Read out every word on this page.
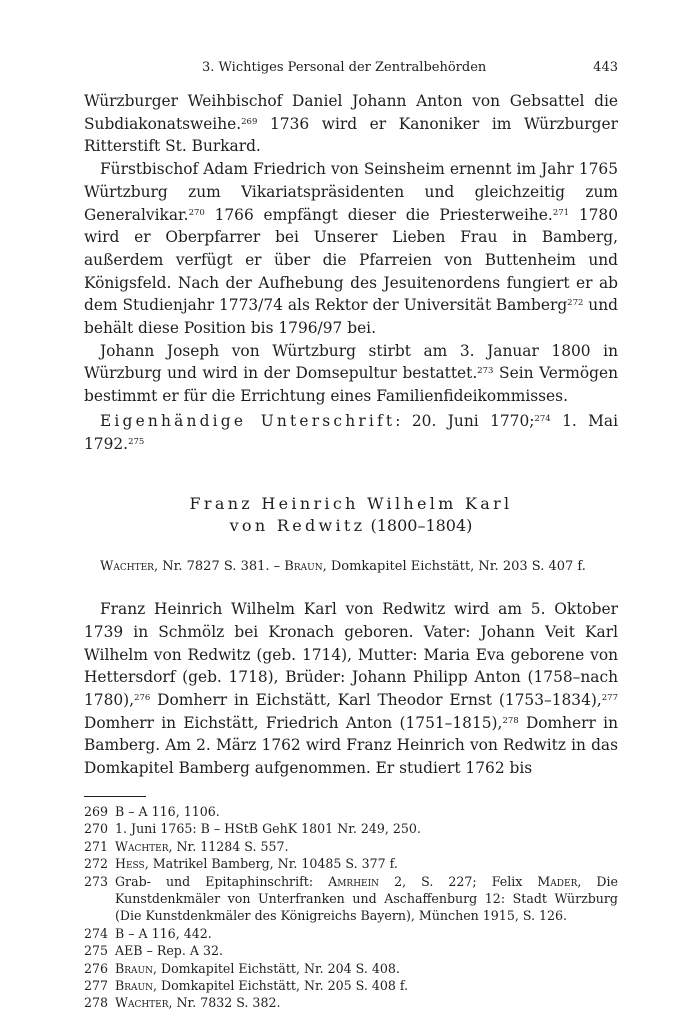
3. Wichtiges Personal der Zentralbehörden	443

Würzburger Weihbischof Daniel Johann Anton von Gebsattel die Subdiakonatsweihe.$^{269}$ 1736 wird er Kanoniker im Würzburger Ritterstift St. Burkard.

Fürstbischof Adam Friedrich von Seinsheim ernennt im Jahr 1765 Würtzburg zum Vikariatspräsidenten und gleichzeitig zum Generalvikar.$^{270}$ 1766 empfängt dieser die Priesterweihe.$^{271}$ 1780 wird er Oberpfarrer bei Unserer Lieben Frau in Bamberg, außerdem verfügt er über die Pfarreien von Buttenheim und Königsfeld. Nach der Aufhebung des Jesuitenordens fungiert er ab dem Studienjahr 1773/74 als Rektor der Universität Bamberg$^{272}$ und behält diese Position bis 1796/97 bei.

Johann Joseph von Würtzburg stirbt am 3. Januar 1800 in Würzburg und wird in der Domsepultur bestattet.$^{273}$ Sein Vermögen bestimmt er für die Errichtung eines Familienfideikommisses.

Eigenhändige Unterschrift: 20. Juni 1770;$^{274}$ 1. Mai 1792.$^{275}$

Franz Heinrich Wilhelm Karl
von Redwitz (1800–1804)
Wachter, Nr. 7827 S. 381. – Braun, Domkapitel Eichstätt, Nr. 203 S. 407 f.

Franz Heinrich Wilhelm Karl von Redwitz wird am 5. Oktober 1739 in Schmölz bei Kronach geboren. Vater: Johann Veit Karl Wilhelm von Redwitz (geb. 1714), Mutter: Maria Eva geborene von Hettersdorf (geb. 1718), Brüder: Johann Philipp Anton (1758–nach 1780),$^{276}$ Domherr in Eichstätt, Karl Theodor Ernst (1753–1834),$^{277}$ Domherr in Eichstätt, Friedrich Anton (1751–1815),$^{278}$ Domherr in Bamberg. Am 2. März 1762 wird Franz Heinrich von Redwitz in das Domkapitel Bamberg aufgenommen. Er studiert 1762 bis

269 B – A 116, 1106.
270 1. Juni 1765: B – HStB GehK 1801 Nr. 249, 250.
271 Wachter, Nr. 11284 S. 557.
272 Hess, Matrikel Bamberg, Nr. 10485 S. 377 f.
273 Grab- und Epitaphinschrift: Amrhein 2, S. 227; Felix Mader, Die Kunstdenkmäler von Unterfranken und Aschaffenburg 12: Stadt Würzburg (Die Kunstdenkmäler des Königreichs Bayern), München 1915, S. 126.
274 B – A 116, 442.
275 AEB – Rep. A 32.
276 Braun, Domkapitel Eichstätt, Nr. 204 S. 408.
277 Braun, Domkapitel Eichstätt, Nr. 205 S. 408 f.
278 Wachter, Nr. 7832 S. 382.
